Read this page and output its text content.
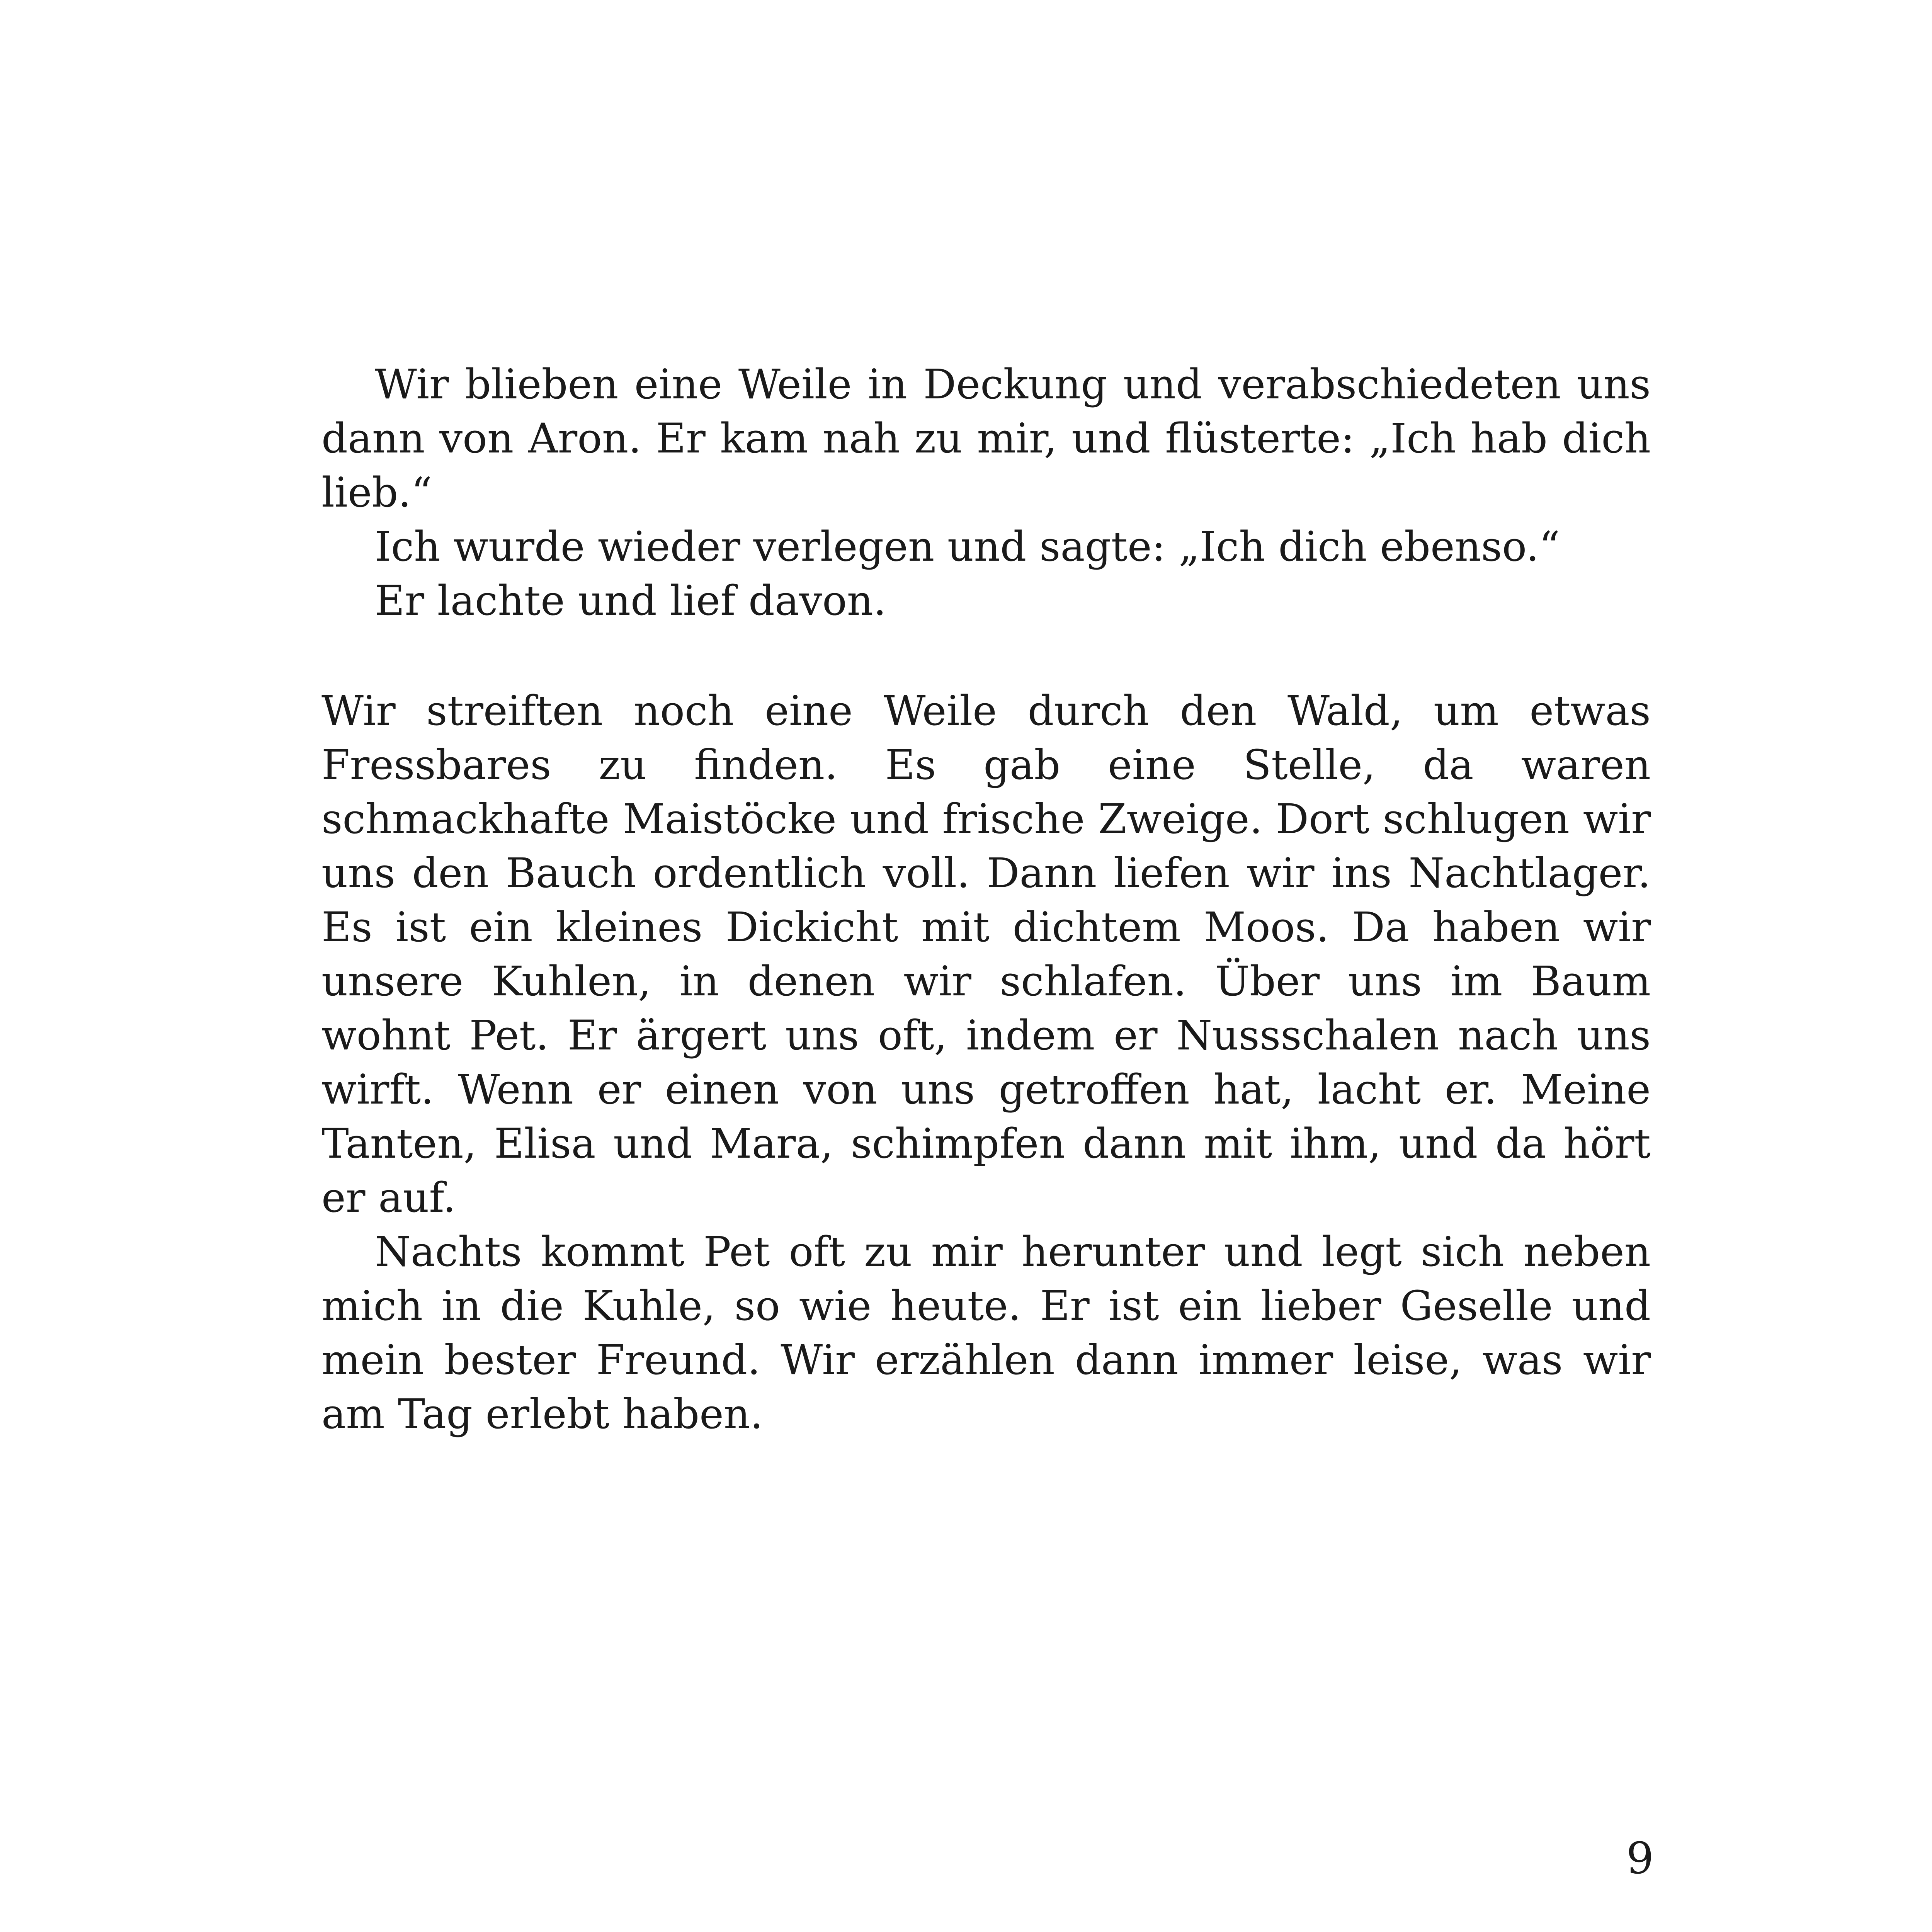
Wir blieben eine Weile in Deckung und verabschiedeten uns dann von Aron. Er kam nah zu mir, und flüsterte: „Ich hab dich lieb.“

Ich wurde wieder verlegen und sagte: „Ich dich ebenso.“

Er lachte und lief davon.

Wir streiften noch eine Weile durch den Wald, um etwas Fressbares zu finden. Es gab eine Stelle, da waren schmackhafte Maistöcke und frische Zweige. Dort schlugen wir uns den Bauch ordentlich voll. Dann liefen wir ins Nachtlager. Es ist ein kleines Dickicht mit dichtem Moos. Da haben wir unsere Kuhlen, in denen wir schlafen. Über uns im Baum wohnt Pet. Er ärgert uns oft, indem er Nussschalen nach uns wirft. Wenn er einen von uns getroffen hat, lacht er. Meine Tanten, Elisa und Mara, schimpfen dann mit ihm, und da hört er auf.

Nachts kommt Pet oft zu mir herunter und legt sich neben mich in die Kuhle, so wie heute. Er ist ein lieber Geselle und mein bester Freund. Wir erzählen dann immer leise, was wir am Tag erlebt haben.

9
